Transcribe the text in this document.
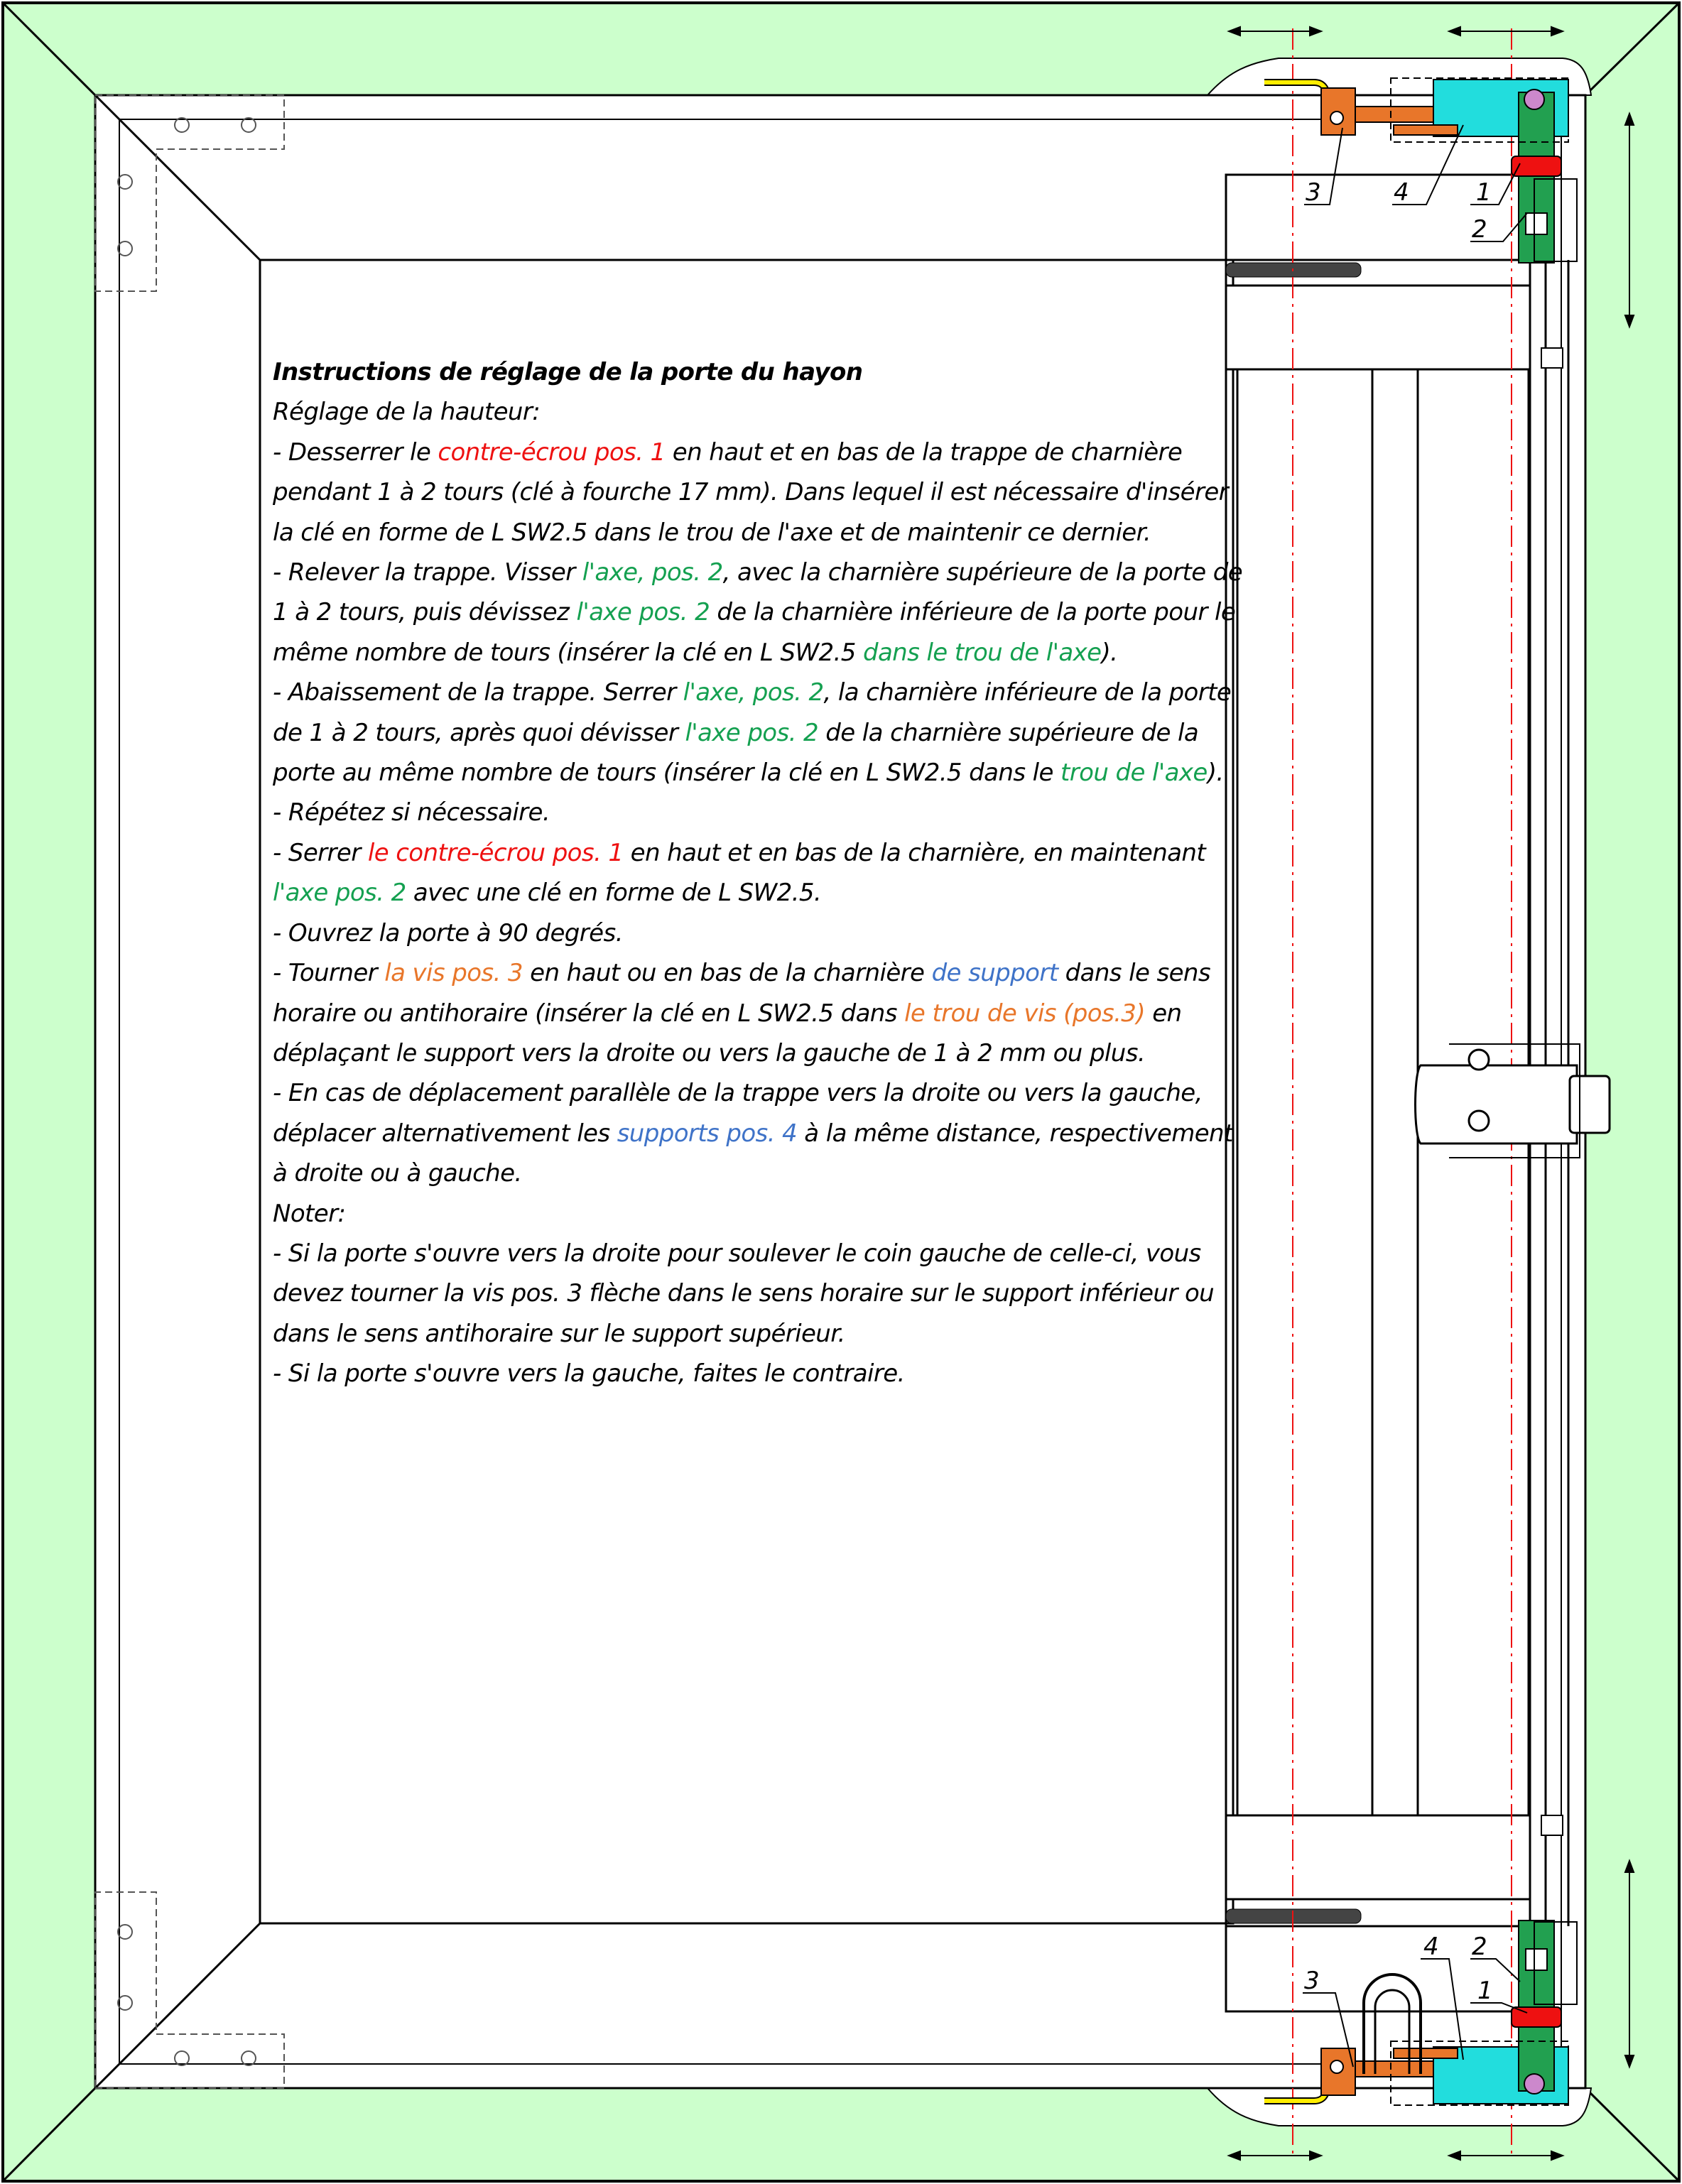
3	4	1
2
3
4 2
1

Instructions de réglage de la porte du hayon

Réglage de la hauteur:

- Desserrer le contre-écrou pos. 1 en haut et en bas de la trappe de charnière pendant 1 à 2 tours (clé à fourche 17 mm). Dans lequel il est nécessaire d'insérer la clé en forme de L SW2.5 dans le trou de l'axe et de maintenir ce dernier.

- Relever la trappe. Visser l'axe, pos. 2, avec la charnière supérieure de la porte de 1 à 2 tours, puis dévissez l'axe pos. 2 de la charnière inférieure de la porte pour le même nombre de tours (insérer la clé en L SW2.5 dans le trou de l'axe).

- Abaissement de la trappe. Serrer l'axe, pos. 2, la charnière inférieure de la porte de 1 à 2 tours, après quoi dévisser l'axe pos. 2 de la charnière supérieure de la porte au même nombre de tours (insérer la clé en L SW2.5 dans le trou de l'axe).

- Répétez si nécessaire.

- Serrer le contre-écrou pos. 1 en haut et en bas de la charnière, en maintenant l'axe pos. 2 avec une clé en forme de L SW2.5.

- Ouvrez la porte à 90 degrés.

- Tourner la vis pos. 3 en haut ou en bas de la charnière de support dans le sens horaire ou antihoraire (insérer la clé en L SW2.5 dans le trou de vis (pos.3) en déplaçant le support vers la droite ou vers la gauche de 1 à 2 mm ou plus.

- En cas de déplacement parallèle de la trappe vers la droite ou vers la gauche, déplacer alternativement les supports pos. 4 à la même distance, respectivement à droite ou à gauche.

Noter:

- Si la porte s'ouvre vers la droite pour soulever le coin gauche de celle-ci, vous devez tourner la vis pos. 3 flèche dans le sens horaire sur le support inférieur ou dans le sens antihoraire sur le support supérieur.

- Si la porte s'ouvre vers la gauche, faites le contraire.
